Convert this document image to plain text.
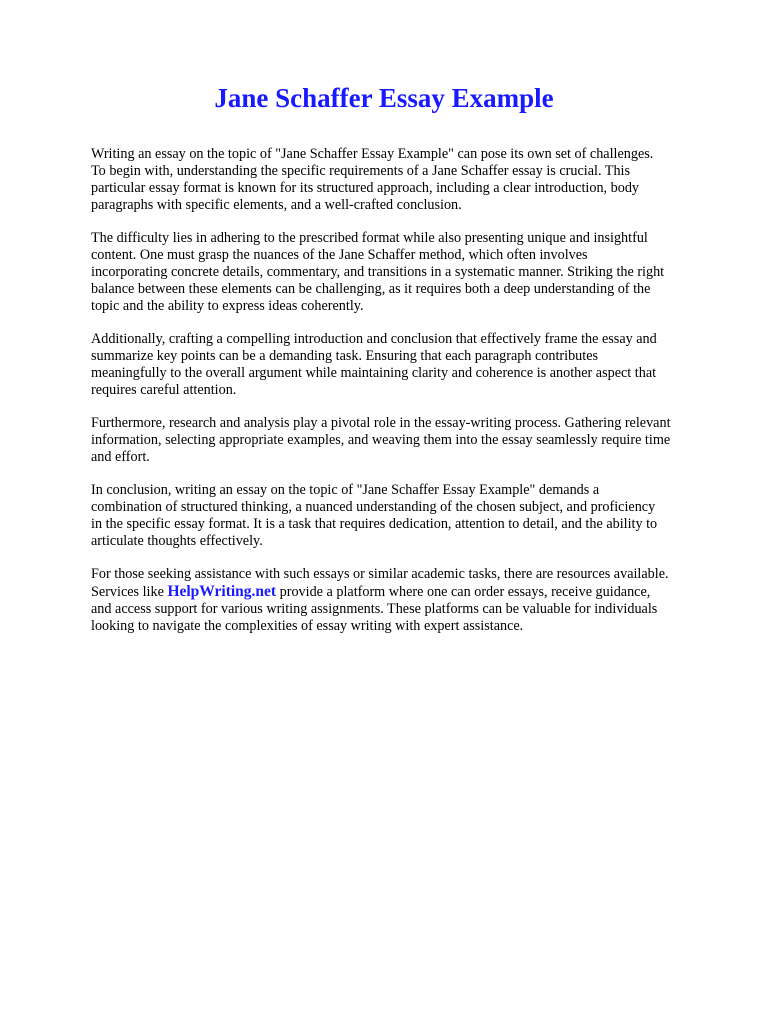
Jane Schaffer Essay Example

Writing an essay on the topic of "Jane Schaffer Essay Example" can pose its own set of challenges.
To begin with, understanding the specific requirements of a Jane Schaffer essay is crucial. This
particular essay format is known for its structured approach, including a clear introduction, body
paragraphs with specific elements, and a well-crafted conclusion.

The difficulty lies in adhering to the prescribed format while also presenting unique and insightful
content. One must grasp the nuances of the Jane Schaffer method, which often involves
incorporating concrete details, commentary, and transitions in a systematic manner. Striking the right
balance between these elements can be challenging, as it requires both a deep understanding of the
topic and the ability to express ideas coherently.

Additionally, crafting a compelling introduction and conclusion that effectively frame the essay and
summarize key points can be a demanding task. Ensuring that each paragraph contributes
meaningfully to the overall argument while maintaining clarity and coherence is another aspect that
requires careful attention.

Furthermore, research and analysis play a pivotal role in the essay-writing process. Gathering relevant
information, selecting appropriate examples, and weaving them into the essay seamlessly require time
and effort.

In conclusion, writing an essay on the topic of "Jane Schaffer Essay Example" demands a
combination of structured thinking, a nuanced understanding of the chosen subject, and proficiency
in the specific essay format. It is a task that requires dedication, attention to detail, and the ability to
articulate thoughts effectively.

For those seeking assistance with such essays or similar academic tasks, there are resources available.
Services like HelpWriting.net provide a platform where one can order essays, receive guidance,
and access support for various writing assignments. These platforms can be valuable for individuals
looking to navigate the complexities of essay writing with expert assistance.
